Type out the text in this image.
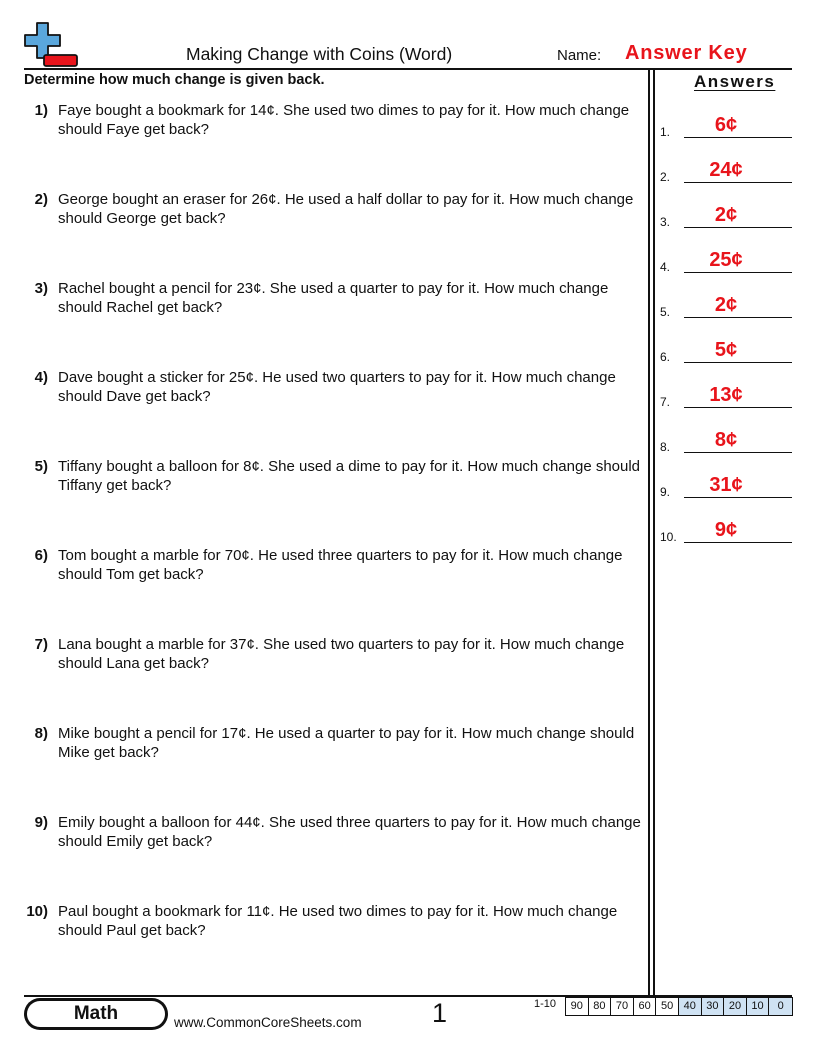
Making Change with Coins (Word)	Name: Answer Key
Determine how much change is given back.	Answers
1) Faye bought a bookmark for 14¢. She used two dimes to pay for it. How much change should Faye get back?
2) George bought an eraser for 26¢. He used a half dollar to pay for it. How much change should George get back?
3) Rachel bought a pencil for 23¢. She used a quarter to pay for it. How much change should Rachel get back?
4) Dave bought a sticker for 25¢. He used two quarters to pay for it. How much change should Dave get back?
5) Tiffany bought a balloon for 8¢. She used a dime to pay for it. How much change should Tiffany get back?
6) Tom bought a marble for 70¢. He used three quarters to pay for it. How much change should Tom get back?
7) Lana bought a marble for 37¢. She used two quarters to pay for it. How much change should Lana get back?
8) Mike bought a pencil for 17¢. He used a quarter to pay for it. How much change should Mike get back?
9) Emily bought a balloon for 44¢. She used three quarters to pay for it. How much change should Emily get back?
10) Paul bought a bookmark for 11¢. He used two dimes to pay for it. How much change should Paul get back?
1.	6¢
2.	24¢
3.	2¢
4.	25¢
5.	2¢
6.	5¢
7.	13¢
8.	8¢
9.	31¢
10.	9¢
Math	www.CommonCoreSheets.com	1	1-10	90 80 70 60 50 40 30 20 10	0
